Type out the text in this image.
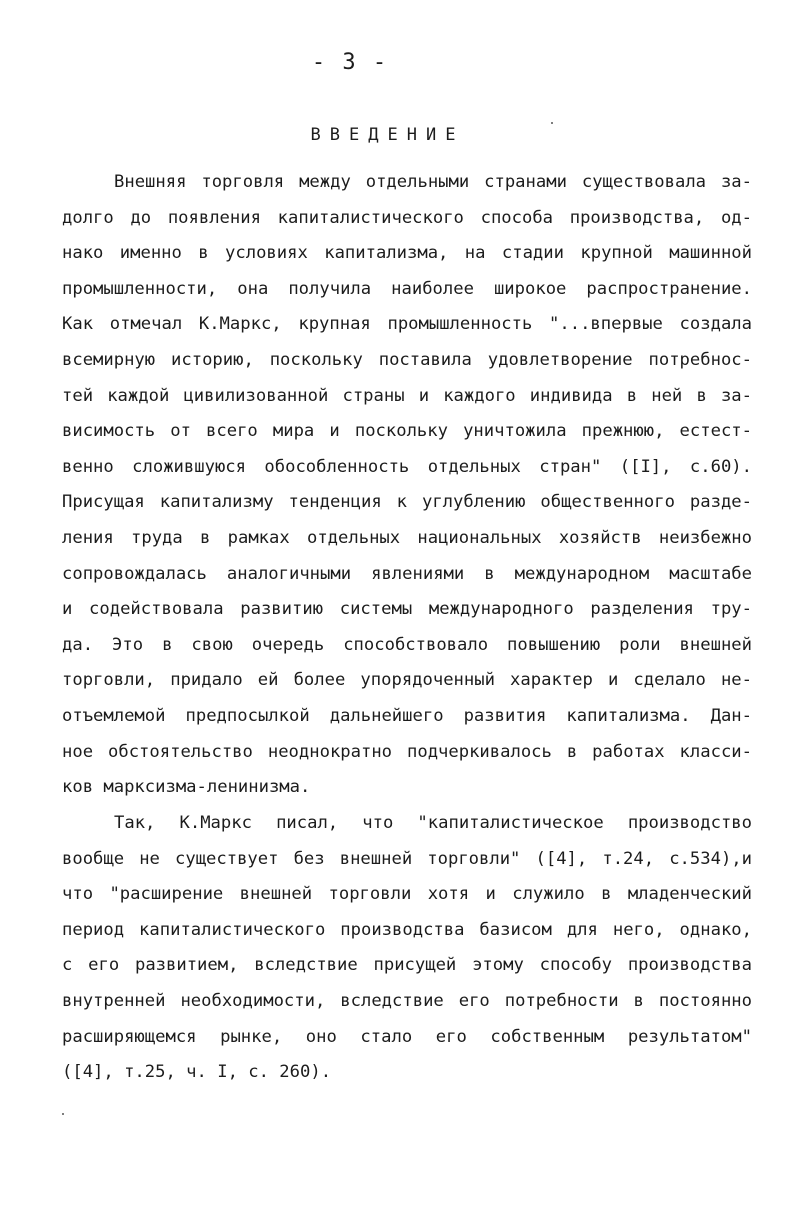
- 3 -
ВВЕДЕНИЕ
Внешняя торговля между отдельными странами существовала за-
долго до появления капиталистического способа производства, од-
нако именно в условиях капитализма, на стадии крупной машинной
промышленности, она получила наиболее широкое распространение.
Как отмечал К.Маркс, крупная промышленность "...впервые создала
всемирную историю, поскольку поставила удовлетворение потребнос-
тей каждой цивилизованной страны и каждого индивида в ней в за-
висимость от всего мира и поскольку уничтожила прежнюю, естест-
венно сложившуюся обособленность отдельных стран" ([I], с.60).
Присущая капитализму тенденция к углублению общественного разде-
ления труда в рамках отдельных национальных хозяйств неизбежно
сопровождалась аналогичными явлениями в международном масштабе
и содействовала развитию системы международного разделения тру-
да. Это в свою очередь способствовало повышению роли внешней
торговли, придало ей более упорядоченный характер и сделало не-
отъемлемой предпосылкой дальнейшего развития капитализма. Дан-
ное обстоятельство неоднократно подчеркивалось в работах класси-
ков марксизма-ленинизма.
Так, К.Маркс писал, что "капиталистическое производство
вообще не существует без внешней торговли" ([4], т.24, с.534),и
что "расширение внешней торговли хотя и служило в младенческий
период капиталистического производства базисом для него, однако,
с его развитием, вследствие присущей этому способу производства
внутренней необходимости, вследствие его потребности в постоянно
расширяющемся рынке, оно стало его собственным результатом"
([4], т.25, ч. I, с. 260).
